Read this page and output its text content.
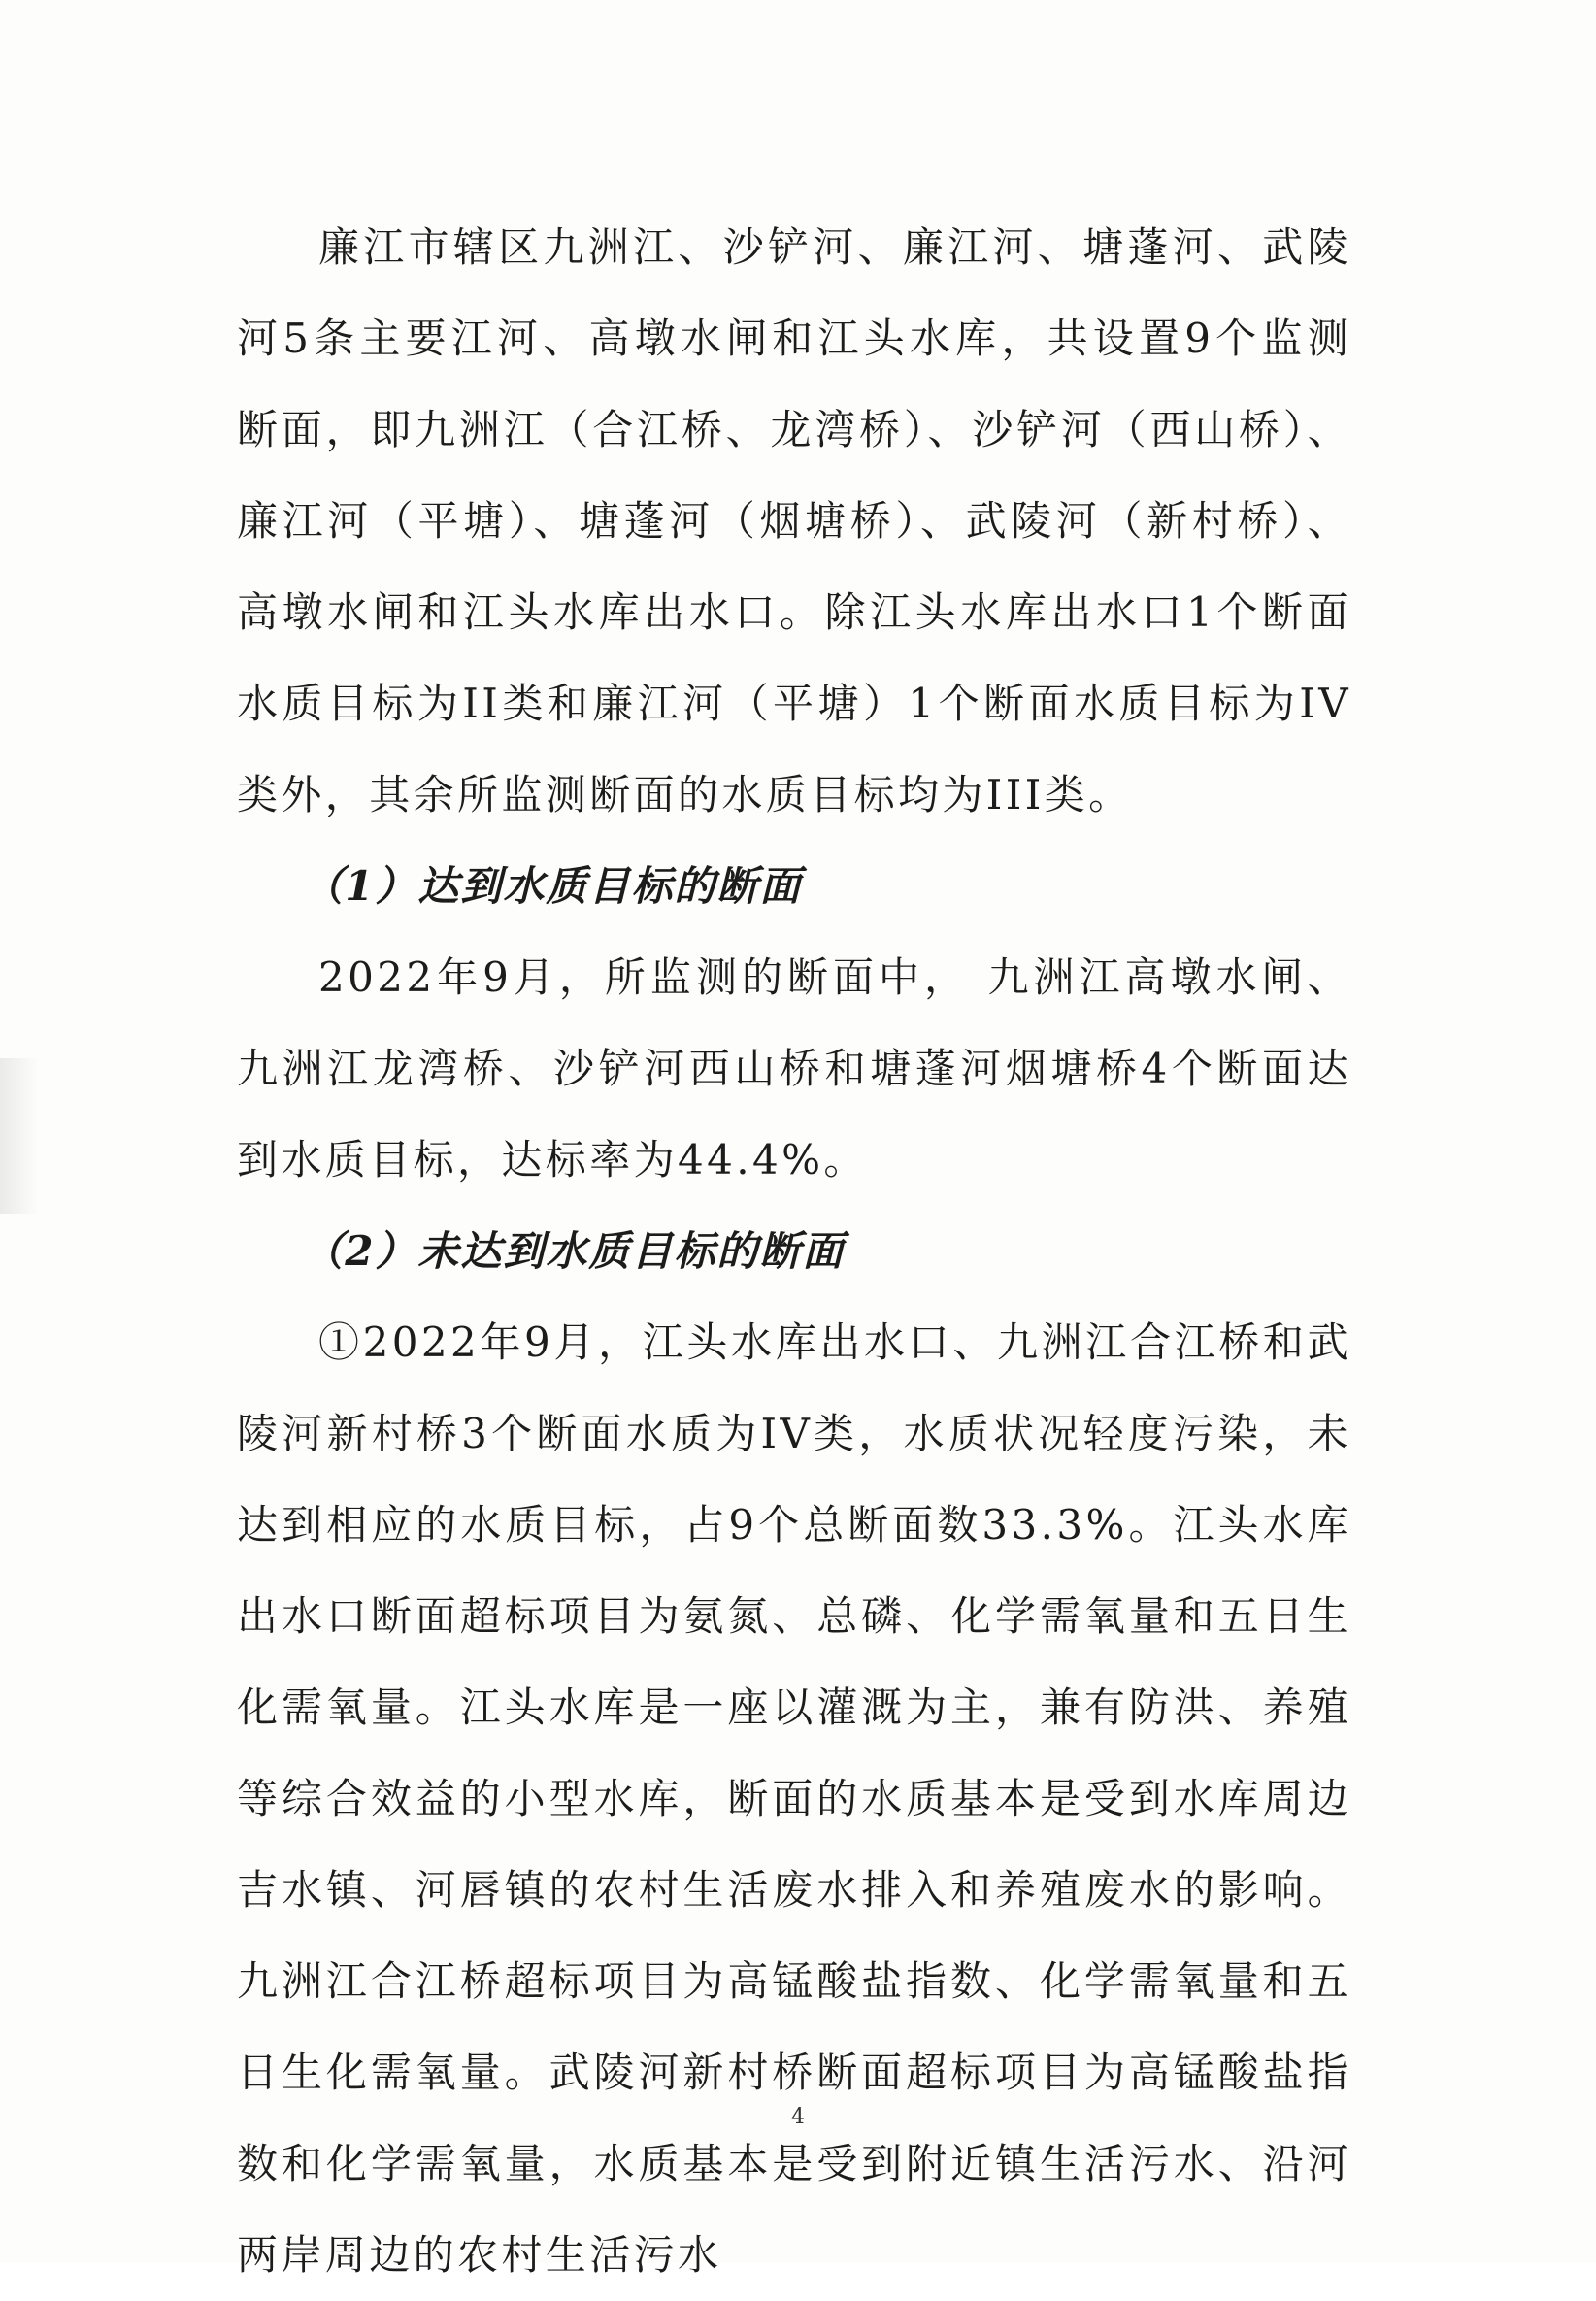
廉江市辖区九洲江、沙铲河、廉江河、塘蓬河、武陵河5条主要江河、高墩水闸和江头水库，共设置9个监测断面，即九洲江（合江桥、龙湾桥）、沙铲河（西山桥）、廉江河（平塘）、塘蓬河（烟塘桥）、武陵河（新村桥）、高墩水闸和江头水库出水口。除江头水库出水口1个断面水质目标为II类和廉江河（平塘）1个断面水质目标为IV类外，其余所监测断面的水质目标均为III类。

（1）达到水质目标的断面

2022年9月，所监测的断面中， 九洲江高墩水闸、九洲江龙湾桥、沙铲河西山桥和塘蓬河烟塘桥4个断面达到水质目标，达标率为44.4%。

（2）未达到水质目标的断面

①2022年9月，江头水库出水口、九洲江合江桥和武陵河新村桥3个断面水质为IV类，水质状况轻度污染，未达到相应的水质目标，占9个总断面数33.3%。江头水库出水口断面超标项目为氨氮、总磷、化学需氧量和五日生化需氧量。江头水库是一座以灌溉为主，兼有防洪、养殖等综合效益的小型水库，断面的水质基本是受到水库周边吉水镇、河唇镇的农村生活废水排入和养殖废水的影响。九洲江合江桥超标项目为高锰酸盐指数、化学需氧量和五日生化需氧量。武陵河新村桥断面超标项目为高锰酸盐指数和化学需氧量，水质基本是受到附近镇生活污水、沿河两岸周边的农村生活污水

4
